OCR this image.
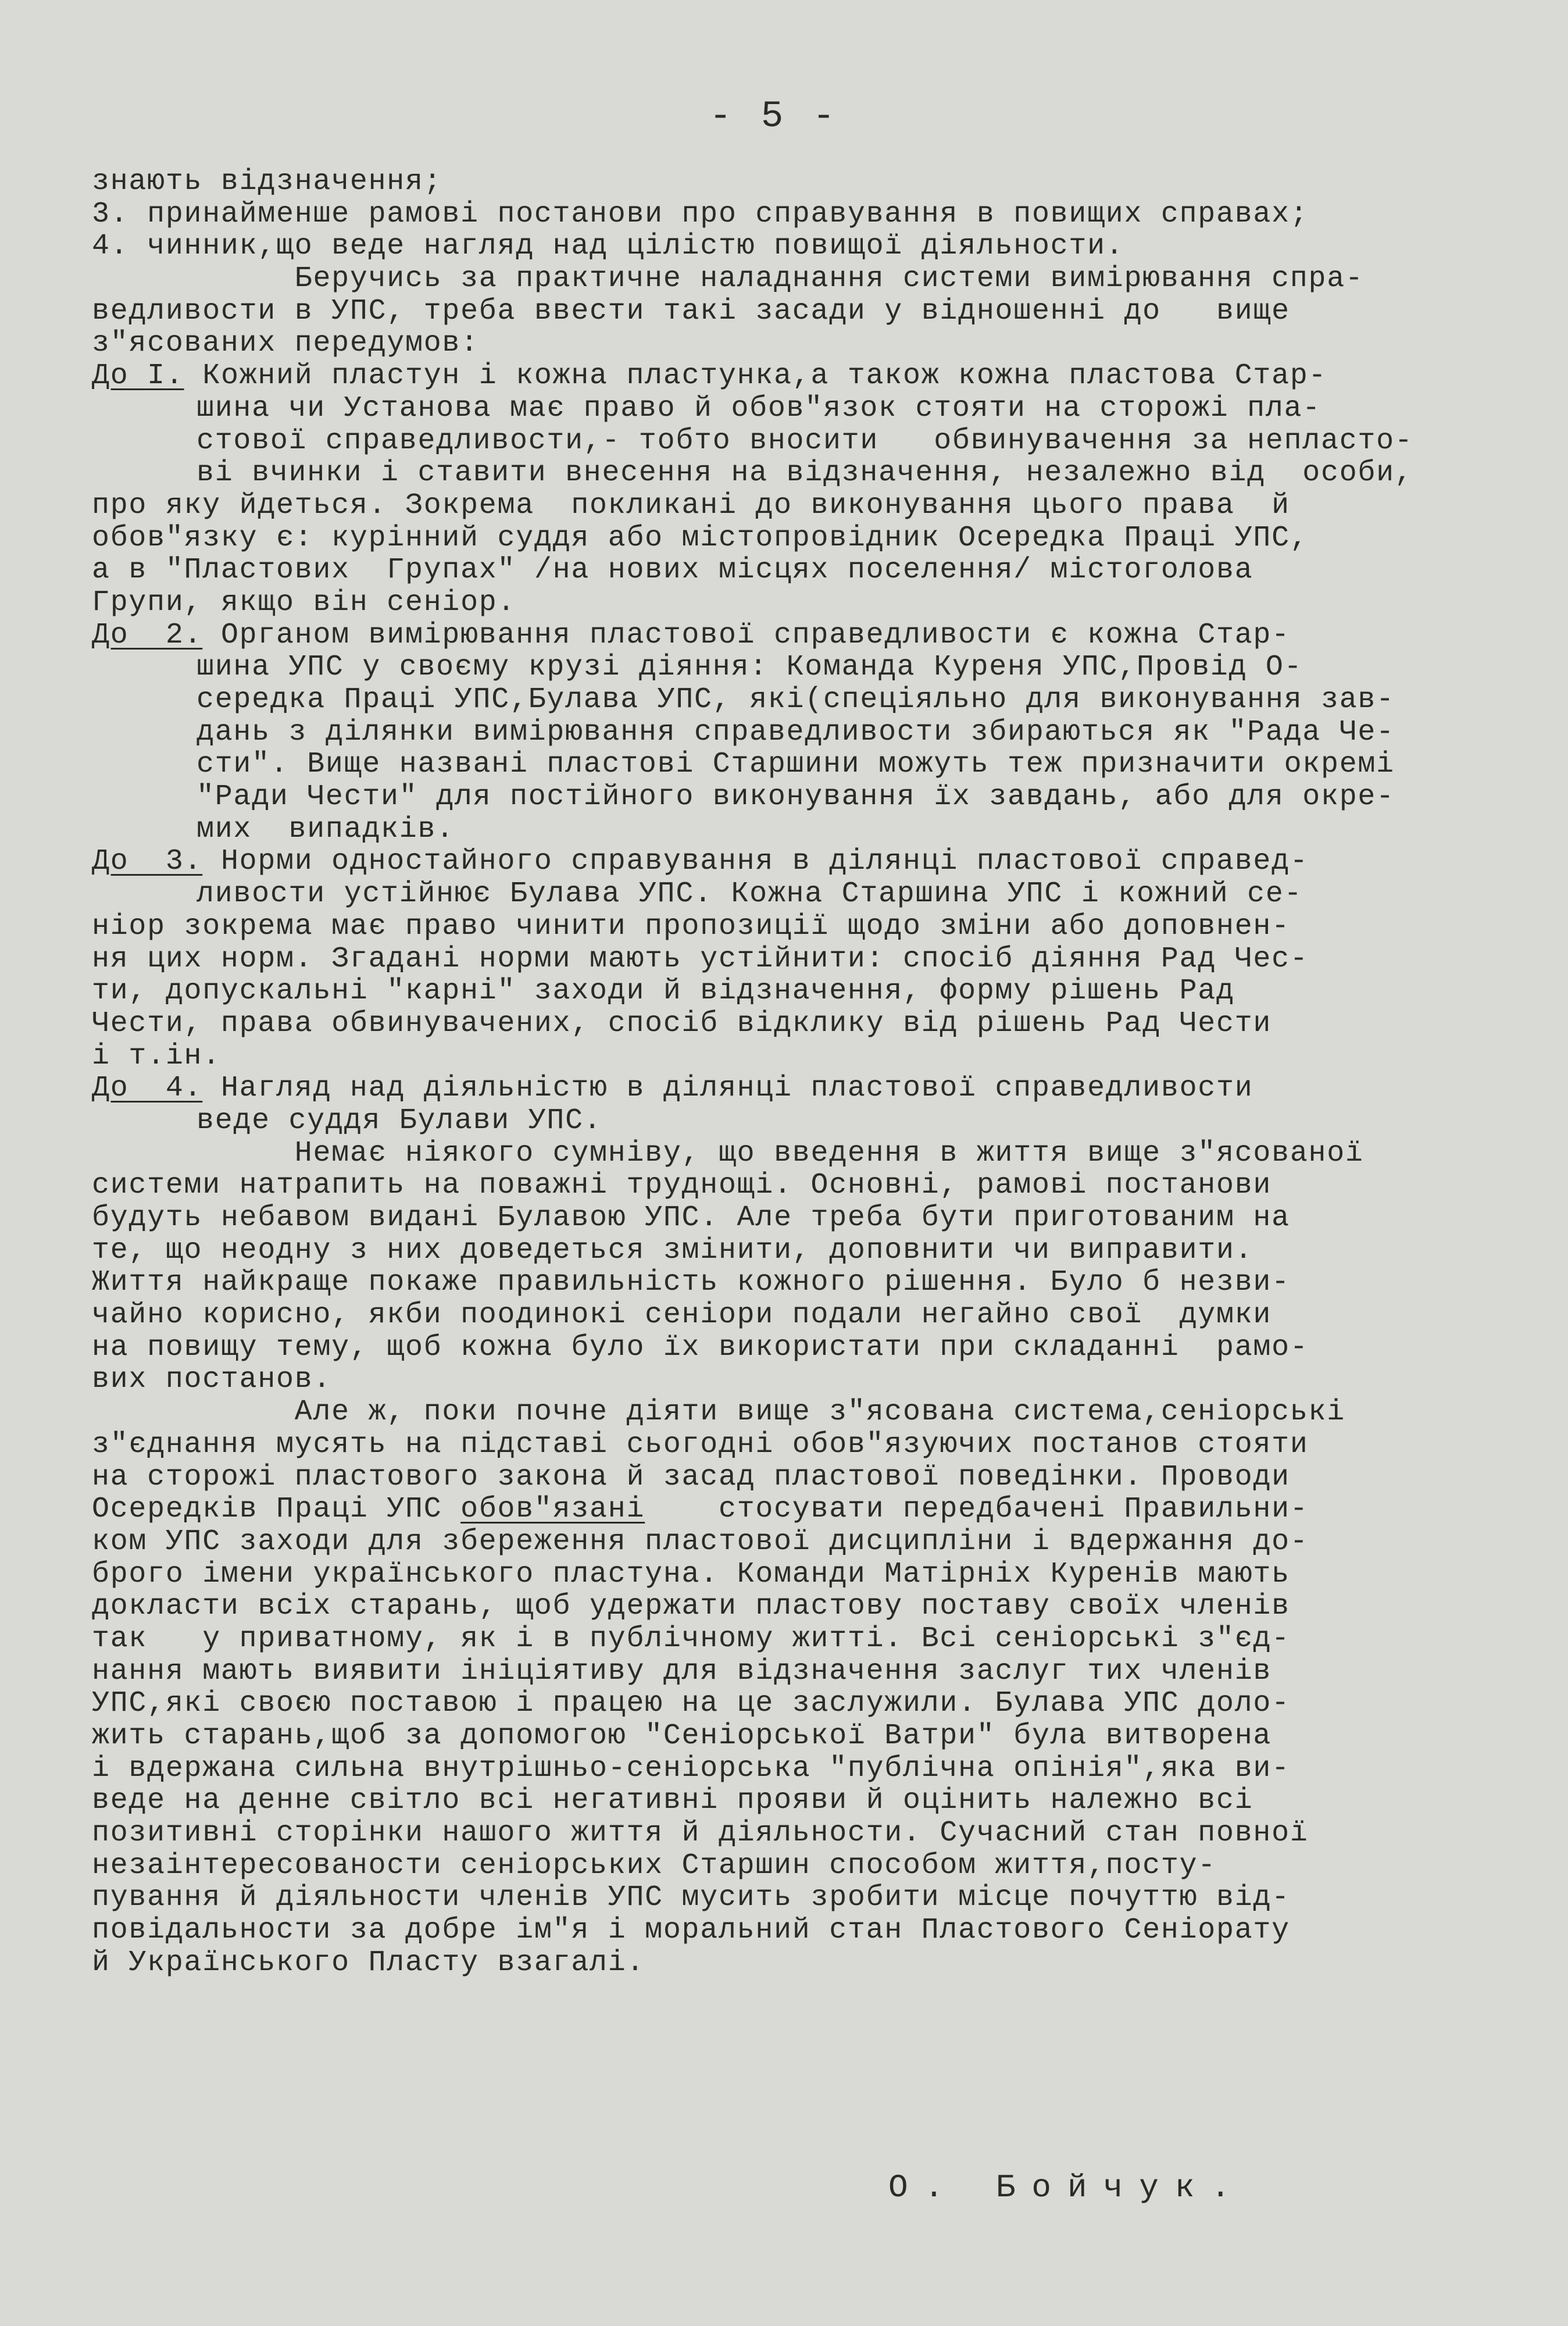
- 5 -
знають відзначення;
3. принайменше рамові постанови про справування в повищих справах;
4. чинник,що веде нагляд над цілістю повищої діяльности.
Беручись за практичне наладнання системи вимірювання спра-
ведливости в УПС, треба ввести такі засади у відношенні до   вище
з"ясованих передумов:
До I. Кожний пластун і кожна пластунка,а також кожна пластова Стар-
шина чи Установа має право й обов"язок стояти на сторожі пла-
стової справедливости,- тобто вносити   обвинувачення за непласто-
ві вчинки і ставити внесення на відзначення, незалежно від  особи,
про яку йдеться. Зокрема  покликані до виконування цього права  й
обов"язку є: курінний суддя або містопровідник Осередка Праці УПС,
а в "Пластових  Групах" /на нових місцях поселення/ містоголова
Групи, якщо він сеніор.
До  2. Органом вимірювання пластової справедливости є кожна Стар-
шина УПС у своєму крузі діяння: Команда Куреня УПС,Провід О-
середка Праці УПС,Булава УПС, які(спеціяльно для виконування зав-
дань з ділянки вимірювання справедливости збираються як "Рада Че-
сти". Вище названі пластові Старшини можуть теж призначити окремі
"Ради Чести" для постійного виконування їх завдань, або для окре-
мих  випадків.
До  3. Норми одностайного справування в ділянці пластової справед-
ливости устійнює Булава УПС. Кожна Старшина УПС і кожний се-
ніор зокрема має право чинити пропозиції щодо зміни або доповнен-
ня цих норм. Згадані норми мають устійнити: спосіб діяння Рад Чес-
ти, допускальні "карні" заходи й відзначення, форму рішень Рад
Чести, права обвинувачених, спосіб відклику від рішень Рад Чести
і т.ін.
До  4. Нагляд над діяльністю в ділянці пластової справедливости
веде суддя Булави УПС.
Немає ніякого сумніву, що введення в життя вище з"ясованої
системи натрапить на поважні труднощі. Основні, рамові постанови
будуть небавом видані Булавою УПС. Але треба бути приготованим на
те, що неодну з них доведеться змінити, доповнити чи виправити.
Життя найкраще покаже правильність кожного рішення. Було б незви-
чайно корисно, якби поодинокі сеніори подали негайно свої  думки
на повищу тему, щоб кожна було їх використати при складанні  рамо-
вих постанов.
Але ж, поки почне діяти вище з"ясована система,сеніорські
з"єднання мусять на підставі сьогодні обов"язуючих постанов стояти
на сторожі пластового закона й засад пластової поведінки. Проводи
Осередків Праці УПС обов"язані    стосувати передбачені Правильни-
ком УПС заходи для збереження пластової дисципліни і вдержання до-
брого імени українського пластуна. Команди Матірніх Куренів мають
докласти всіх старань, щоб удержати пластову поставу своїх членів
так   у приватному, як і в публічному житті. Всі сеніорські з"єд-
нання мають виявити ініціятиву для відзначення заслуг тих членів
УПС,які своєю поставою і працею на це заслужили. Булава УПС доло-
жить старань,щоб за допомогою "Сеніорської Ватри" була витворена
і вдержана сильна внутрішньо-сеніорська "публічна опінія",яка ви-
веде на денне світло всі негативні прояви й оцінить належно всі
позитивні сторінки нашого життя й діяльности. Сучасний стан повної
незаінтересованости сеніорських Старшин способом життя,посту-
пування й діяльности членів УПС мусить зробити місце почуттю від-
повідальности за добре ім"я і моральний стан Пластового Сеніорату
й Українського Пласту взагалі.
О. Бойчук.
